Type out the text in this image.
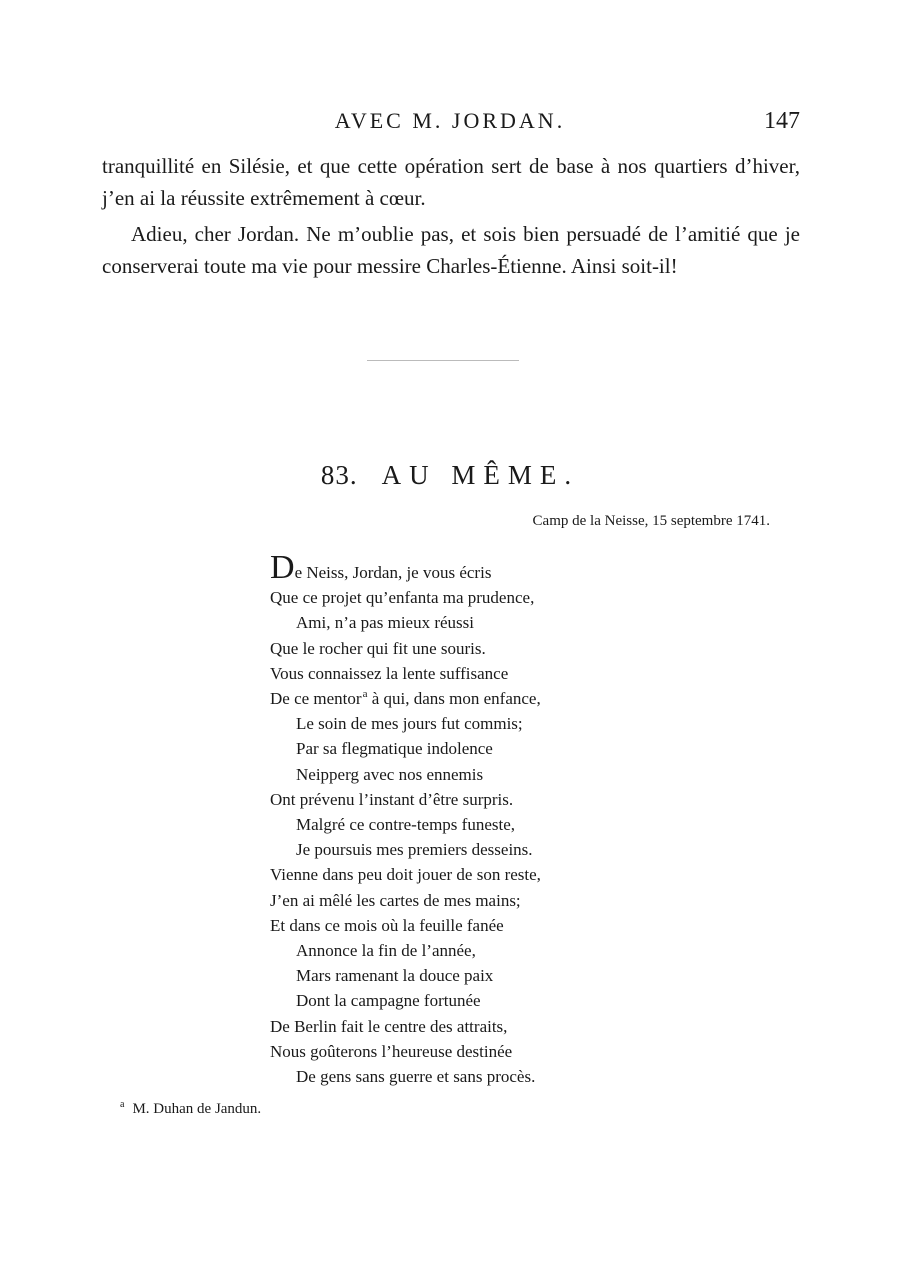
AVEC M. JORDAN.	147

tranquillité en Silésie, et que cette opération sert de base à nos quartiers d’hiver, j’en ai la réussite extrêmement à cœur.

Adieu, cher Jordan. Ne m’oublie pas, et sois bien persuadé de l’amitié que je conserverai toute ma vie pour messire Charles-Étienne. Ainsi soit-il!

83. AU MÊME.
Camp de la Neisse, 15 septembre 1741.
De Neiss, Jordan, je vous écris
Que ce projet qu’enfanta ma prudence,
Ami, n’a pas mieux réussi
Que le rocher qui fit une souris.
Vous connaissez la lente suffisance
De ce mentor$^a$ à qui, dans mon enfance,
Le soin de mes jours fut commis;
Par sa flegmatique indolence
Neipperg avec nos ennemis
Ont prévenu l’instant d’être surpris.
Malgré ce contre-temps funeste,
Je poursuis mes premiers desseins.
Vienne dans peu doit jouer de son reste,
J’en ai mêlé les cartes de mes mains;
Et dans ce mois où la feuille fanée
Annonce la fin de l’année,
Mars ramenant la douce paix
Dont la campagne fortunée
De Berlin fait le centre des attraits,
Nous goûterons l’heureuse destinée
De gens sans guerre et sans procès.
$^a$ M. Duhan de Jandun.
